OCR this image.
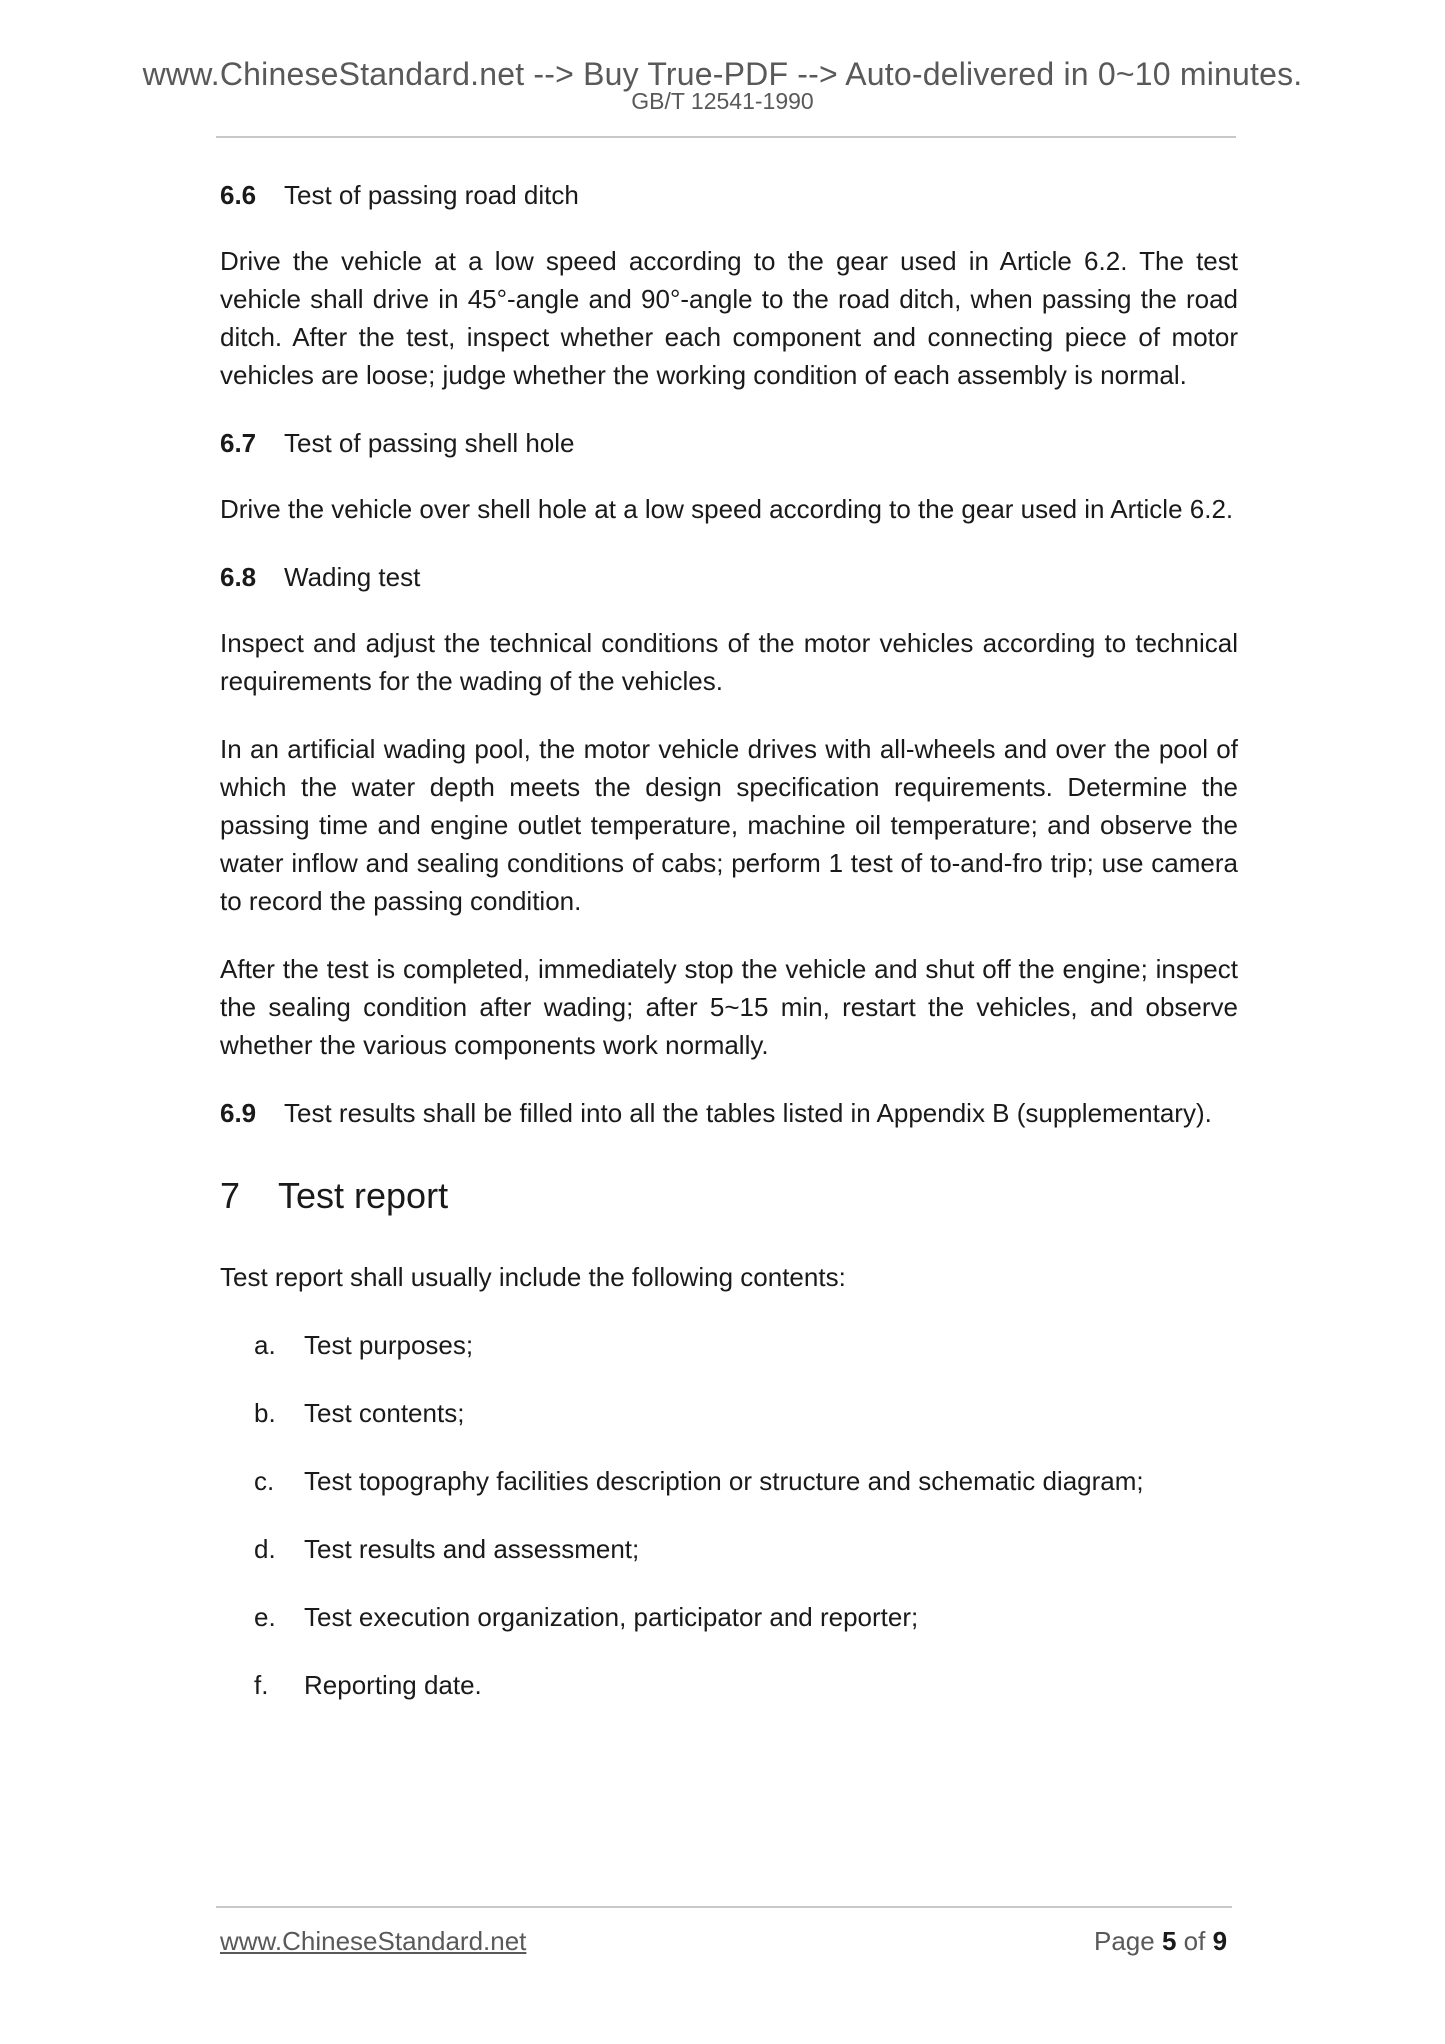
www.ChineseStandard.net --> Buy True-PDF --> Auto-delivered in 0~10 minutes.
GB/T 12541-1990
6.6 Test of passing road ditch

Drive the vehicle at a low speed according to the gear used in Article 6.2. The test vehicle shall drive in 45°-angle and 90°-angle to the road ditch, when passing the road ditch. After the test, inspect whether each component and connecting piece of motor vehicles are loose; judge whether the working condition of each assembly is normal.

6.7 Test of passing shell hole

Drive the vehicle over shell hole at a low speed according to the gear used in Article 6.2.

6.8 Wading test

Inspect and adjust the technical conditions of the motor vehicles according to technical requirements for the wading of the vehicles.

In an artificial wading pool, the motor vehicle drives with all-wheels and over the pool of which the water depth meets the design specification requirements. Determine the passing time and engine outlet temperature, machine oil temperature; and observe the water inflow and sealing conditions of cabs; perform 1 test of to-and-fro trip; use camera to record the passing condition.

After the test is completed, immediately stop the vehicle and shut off the engine; inspect the sealing condition after wading; after 5~15 min, restart the vehicles, and observe whether the various components work normally.

6.9 Test results shall be filled into all the tables listed in Appendix B (supplementary).
7 Test report

Test report shall usually include the following contents:

a. Test purposes;
b. Test contents;
c. Test topography facilities description or structure and schematic diagram;
d. Test results and assessment;
e. Test execution organization, participator and reporter;
f. Reporting date.
www.ChineseStandard.net	Page 5 of 9
